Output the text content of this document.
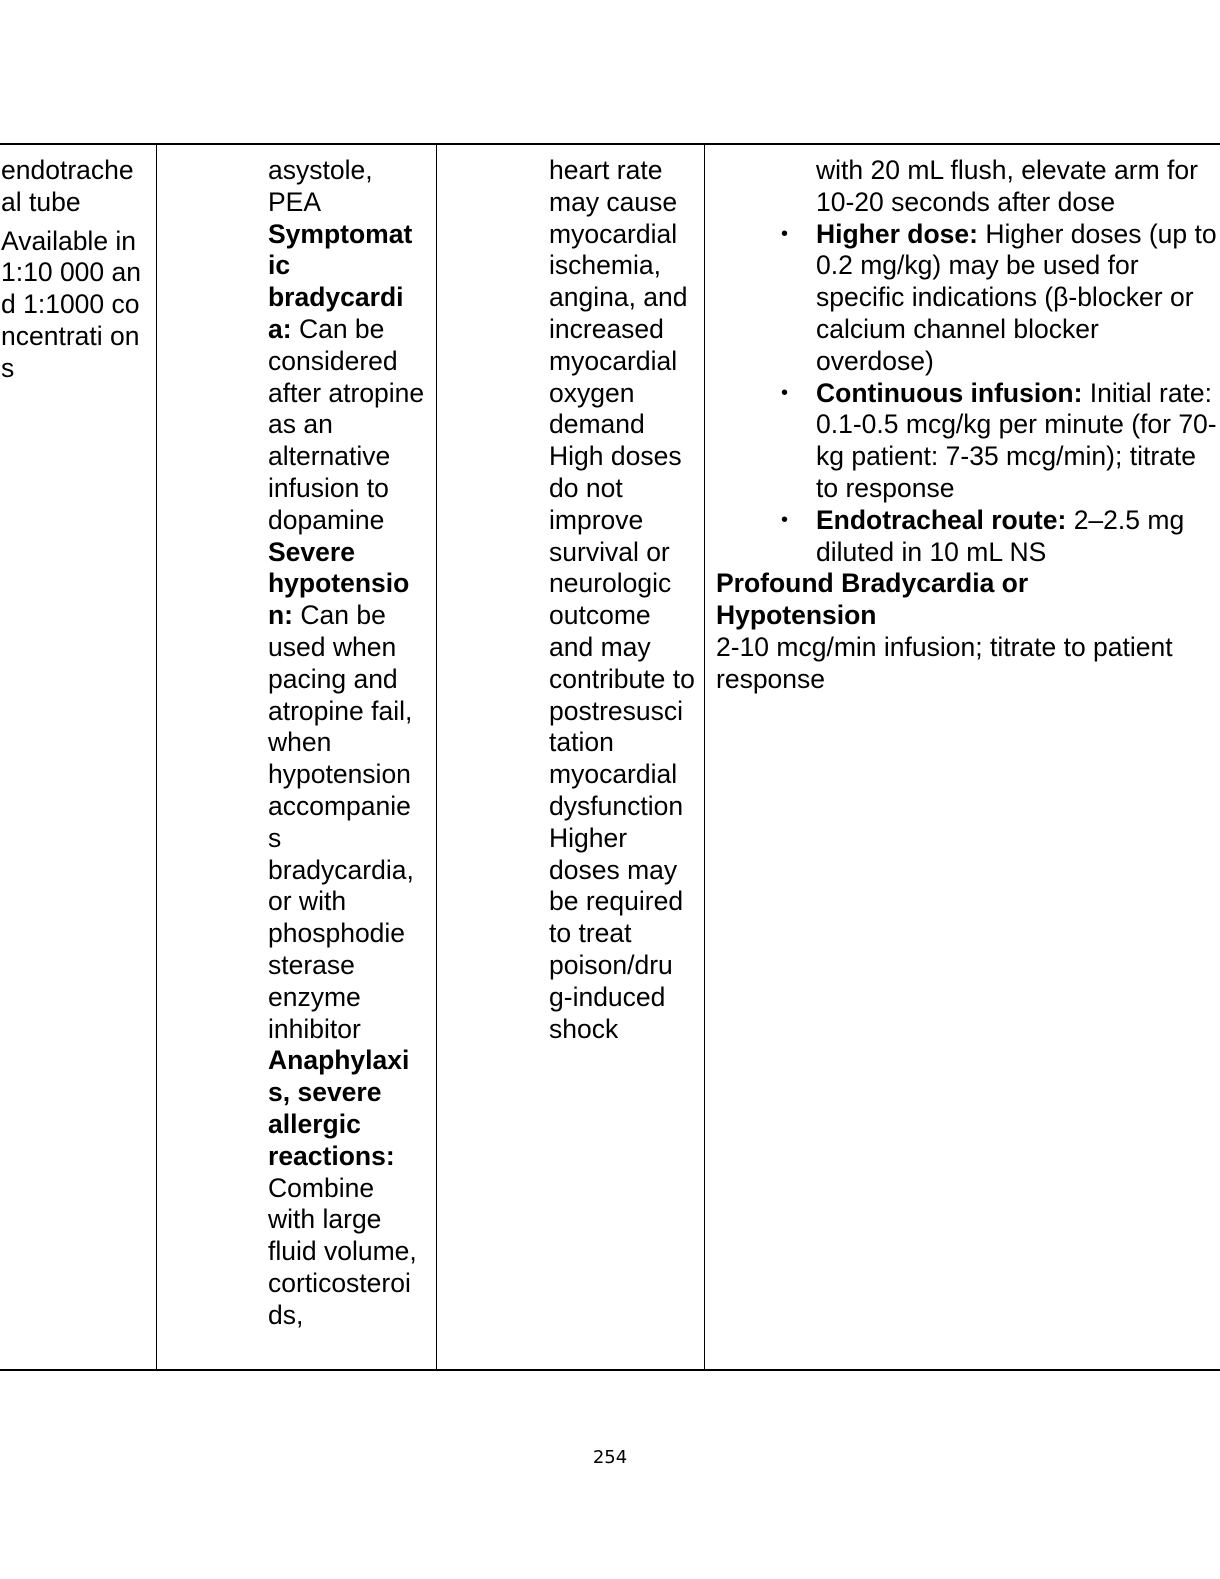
endotrache al tube

Available in 1:10 000 and 1:1000 concentrati ons

asystole, PEA

• Symptomat ic bradycardi a: Can be considered after atropine as an alternative infusion to dopamine
• Severe hypotensio n: Can be used when pacing and atropine fail, when hypotension accompanie s bradycardia, or with phosphodie sterase enzyme inhibitor
• Anaphylaxi s, severe allergic reactions: Combine with large fluid volume, corticosteroi ds,

heart rate may cause myocardial ischemia, angina, and increased myocardial oxygen demand

• High doses do not improve survival or neurologic outcome and may contribute to postresusci tation myocardial dysfunction
• Higher doses may be required to treat poison/dru g-induced shock

with 20 mL flush, elevate arm for 10-20 seconds after dose

• Higher dose: Higher doses (up to 0.2 mg/kg) may be used for specific indications (β-blocker or calcium channel blocker overdose)
• Continuous infusion: Initial rate: 0.1-0.5 mcg/kg per minute (for 70-kg patient: 7-35 mcg/min); titrate to response
• Endotracheal route: 2–2.5 mg diluted in 10 mL NS

Profound Bradycardia or Hypotension

2-10 mcg/min infusion; titrate to patient response

254
